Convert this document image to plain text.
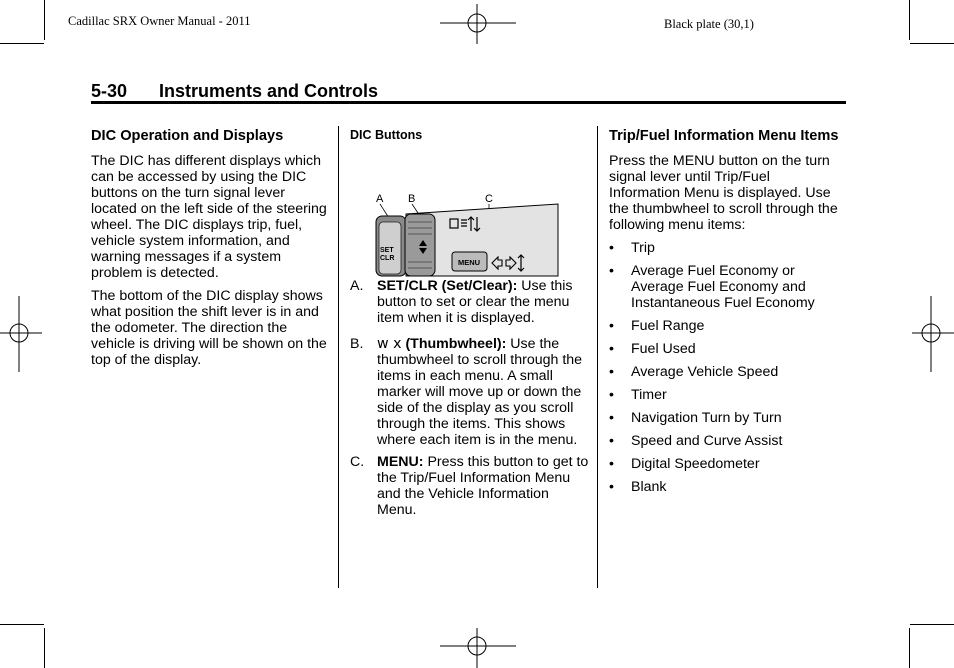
Cadillac SRX Owner Manual - 2011	Black plate (30,1)
5-30 Instruments and Controls
DIC Operation and Displays

The DIC has different displays which can be accessed by using the DIC buttons on the turn signal lever located on the left side of the steering wheel. The DIC displays trip, fuel, vehicle system information, and warning messages if a system problem is detected.

The bottom of the DIC display shows what position the shift lever is in and the odometer. The direction the vehicle is driving will be shown on the top of the display.

DIC Buttons
A B	C
SET
CLR	MENU
A. SET/CLR (Set/Clear): Use this button to set or clear the menu item when it is displayed.
B. w x (Thumbwheel): Use the thumbwheel to scroll through the items in each menu. A small marker will move up or down the side of the display as you scroll through the items. This shows where each item is in the menu.
C. MENU: Press this button to get to the Trip/Fuel Information Menu and the Vehicle Information Menu.
Trip/Fuel Information Menu Items

Press the MENU button on the turn signal lever until Trip/Fuel Information Menu is displayed. Use the thumbwheel to scroll through the following menu items:

•	Trip
•	Average Fuel Economy or Average Fuel Economy and Instantaneous Fuel Economy
•	Fuel Range
•	Fuel Used
•	Average Vehicle Speed
•	Timer
•	Navigation Turn by Turn
•	Speed and Curve Assist
•	Digital Speedometer
•	Blank
